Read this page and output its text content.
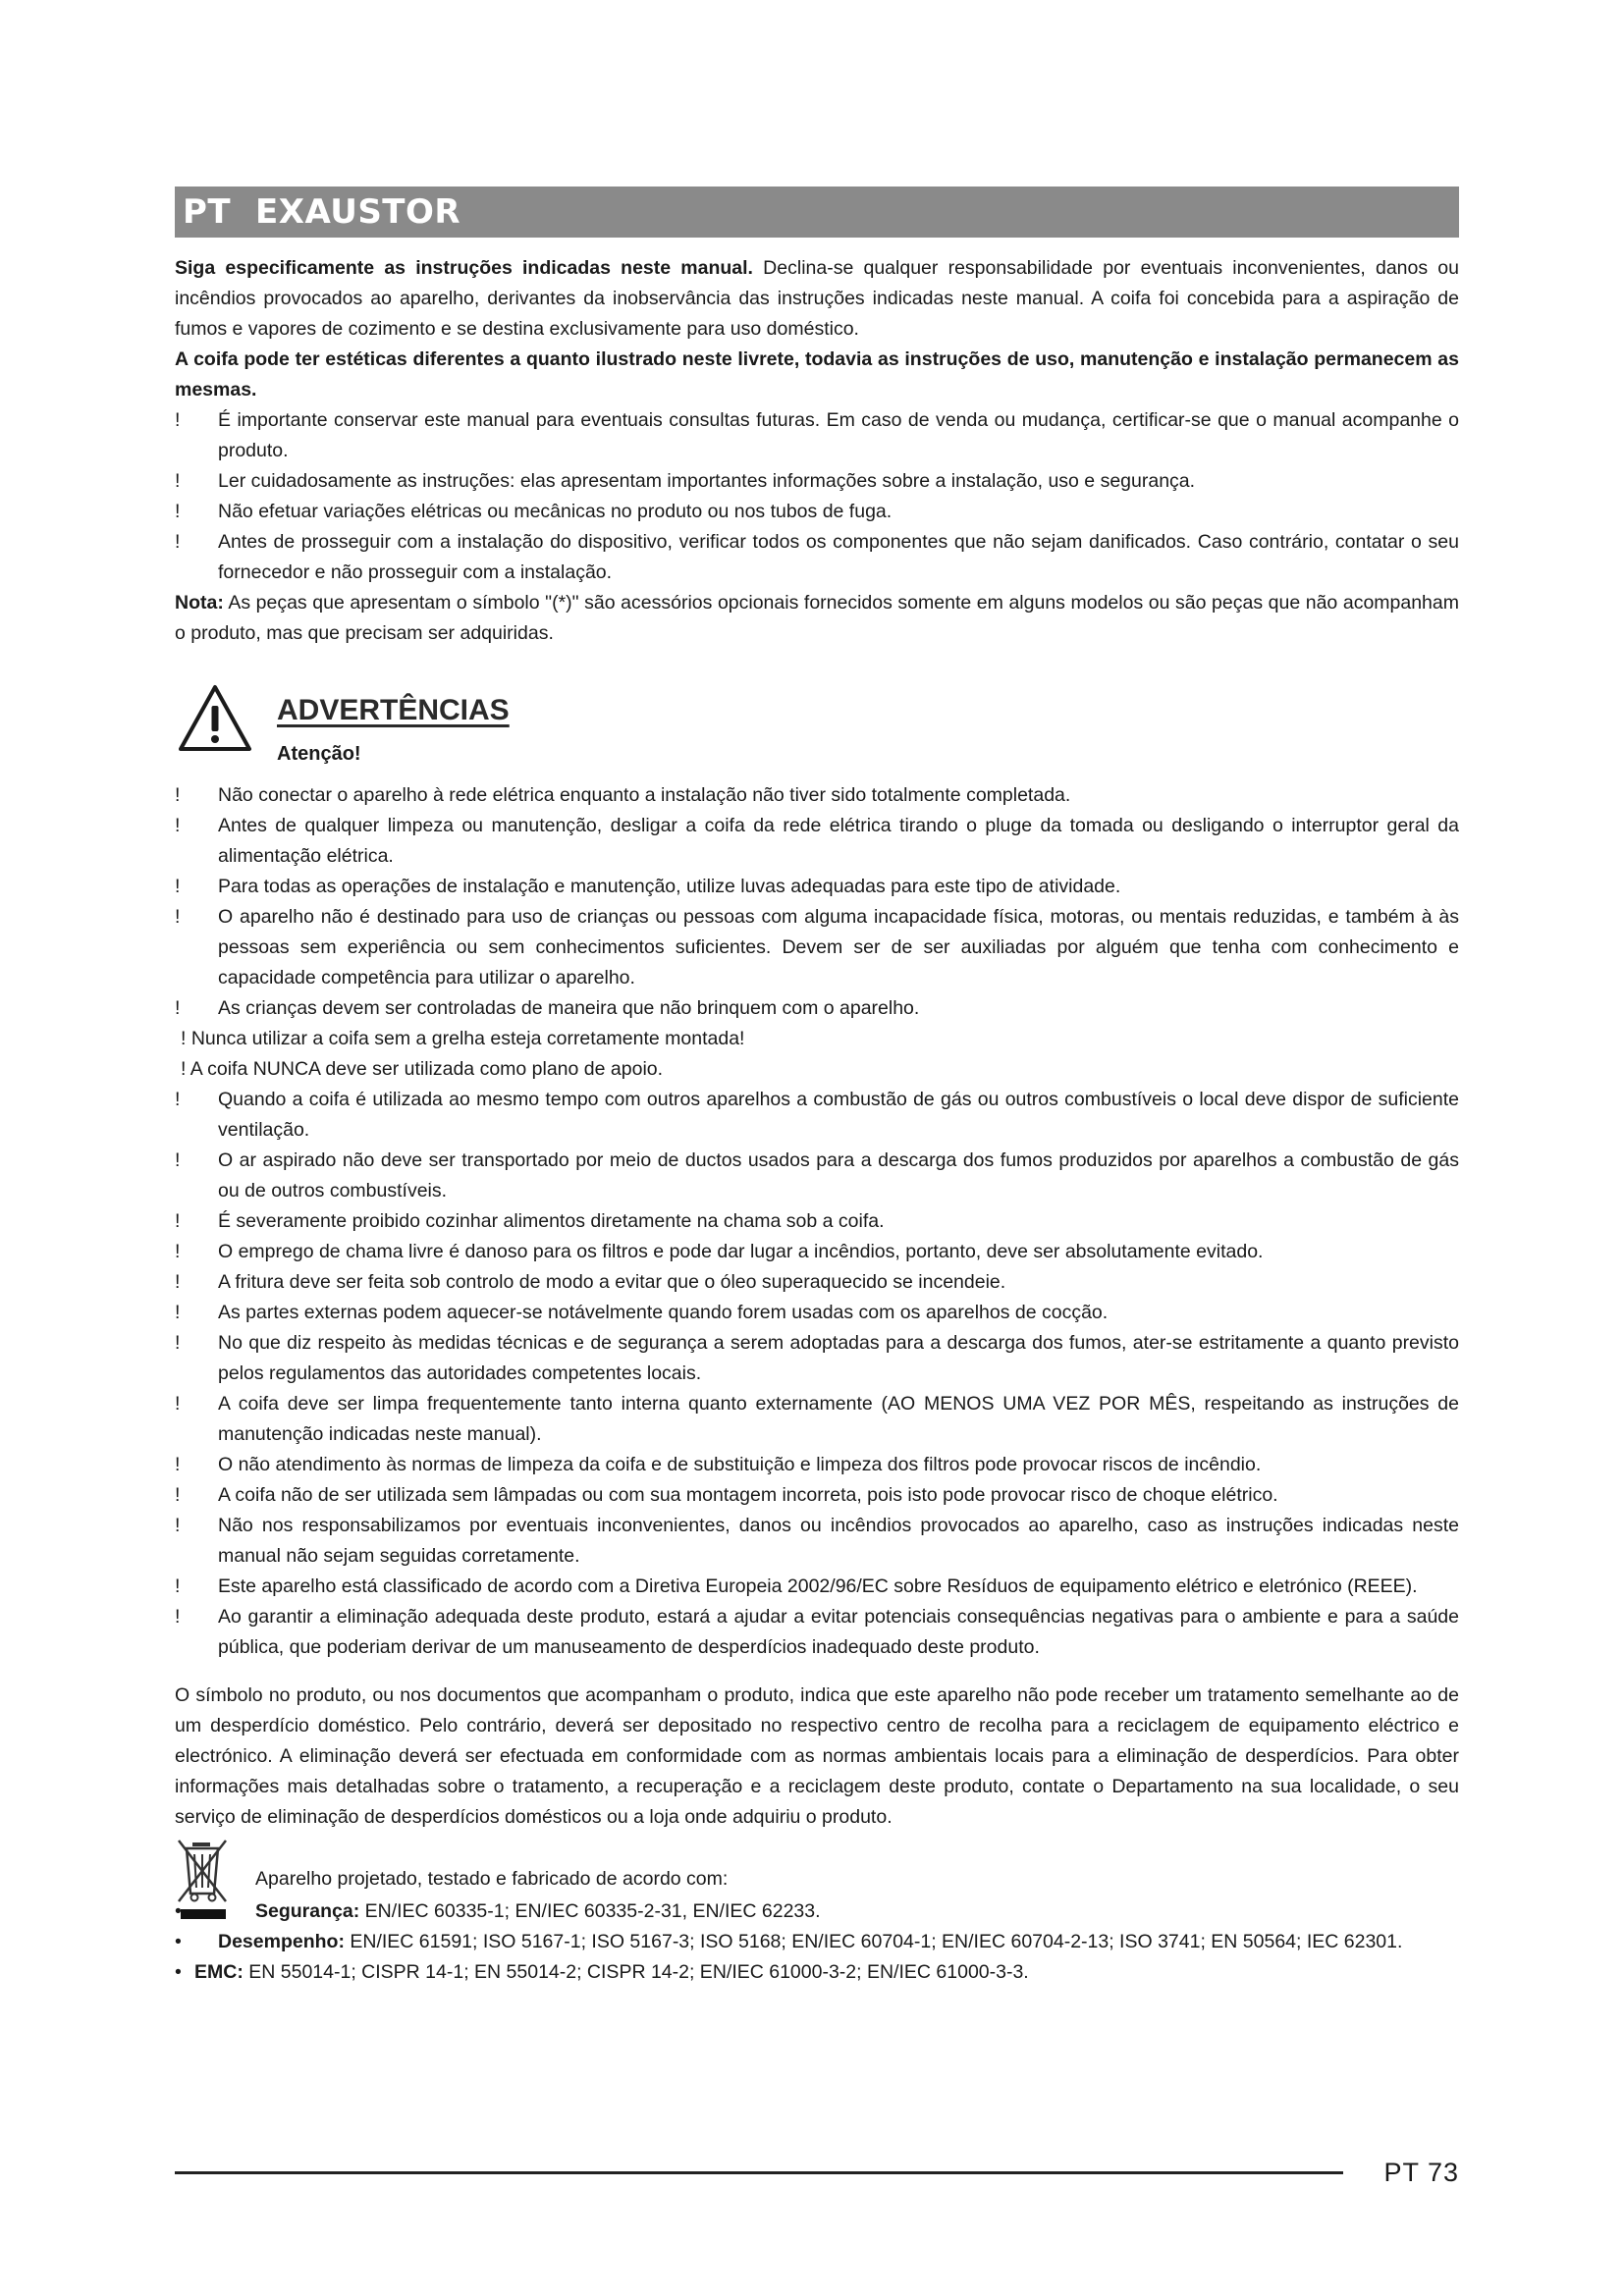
PT EXAUSTOR

Siga especificamente as instruções indicadas neste manual. Declina-se qualquer responsabilidade por eventuais inconvenientes, danos ou incêndios provocados ao aparelho, derivantes da inobservância das instruções indicadas neste manual. A coifa foi concebida para a aspiração de fumos e vapores de cozimento e se destina exclusivamente para uso doméstico.

A coifa pode ter estéticas diferentes a quanto ilustrado neste livrete, todavia as instruções de uso, manutenção e instalação permanecem as mesmas.

! É importante conservar este manual para eventuais consultas futuras. Em caso de venda ou mudança, certificar-se que o manual acompanhe o produto.
! Ler cuidadosamente as instruções: elas apresentam importantes informações sobre a instalação, uso e segurança.
! Não efetuar variações elétricas ou mecânicas no produto ou nos tubos de fuga.
! Antes de prosseguir com a instalação do dispositivo, verificar todos os componentes que não sejam danificados. Caso contrário, contatar o seu fornecedor e não prosseguir com a instalação.

Nota: As peças que apresentam o símbolo "(*)" são acessórios opcionais fornecidos somente em alguns modelos ou são peças que não acompanham o produto, mas que precisam ser adquiridas.

ADVERTÊNCIAS
Atenção!
! Não conectar o aparelho à rede elétrica enquanto a instalação não tiver sido totalmente completada.
! Antes de qualquer limpeza ou manutenção, desligar a coifa da rede elétrica tirando o pluge da tomada ou desligando o interruptor geral da alimentação elétrica.
! Para todas as operações de instalação e manutenção, utilize luvas adequadas para este tipo de atividade.
! O aparelho não é destinado para uso de crianças ou pessoas com alguma incapacidade física, motoras, ou mentais reduzidas, e também à às pessoas sem experiência ou sem conhecimentos suficientes. Devem ser de ser auxiliadas por alguém que tenha com conhecimento e capacidade competência para utilizar o aparelho.
! As crianças devem ser controladas de maneira que não brinquem com o aparelho.
! Nunca utilizar a coifa sem a grelha esteja corretamente montada!
! A coifa NUNCA deve ser utilizada como plano de apoio.
! Quando a coifa é utilizada ao mesmo tempo com outros aparelhos a combustão de gás ou outros combustíveis o local deve dispor de suficiente ventilação.
! O ar aspirado não deve ser transportado por meio de ductos usados para a descarga dos fumos produzidos por aparelhos a combustão de gás ou de outros combustíveis.
! É severamente proibido cozinhar alimentos diretamente na chama sob a coifa.
! O emprego de chama livre é danoso para os filtros e pode dar lugar a incêndios, portanto, deve ser absolutamente evitado.
! A fritura deve ser feita sob controlo de modo a evitar que o óleo superaquecido se incendeie.
! As partes externas podem aquecer-se notávelmente quando forem usadas com os aparelhos de cocção.
! No que diz respeito às medidas técnicas e de segurança a serem adoptadas para a descarga dos fumos, ater-se estritamente a quanto previsto pelos regulamentos das autoridades competentes locais.
! A coifa deve ser limpa frequentemente tanto interna quanto externamente (AO MENOS UMA VEZ POR MÊS, respeitando as instruções de manutenção indicadas neste manual).
! O não atendimento às normas de limpeza da coifa e de substituição e limpeza dos filtros pode provocar riscos de incêndio.
! A coifa não de ser utilizada sem lâmpadas ou com sua montagem incorreta, pois isto pode provocar risco de choque elétrico.
! Não nos responsabilizamos por eventuais inconvenientes, danos ou incêndios provocados ao aparelho, caso as instruções indicadas neste manual não sejam seguidas corretamente.
! Este aparelho está classificado de acordo com a Diretiva Europeia 2002/96/EC sobre Resíduos de equipamento elétrico e eletrónico (REEE).
! Ao garantir a eliminação adequada deste produto, estará a ajudar a evitar potenciais consequências negativas para o ambiente e para a saúde pública, que poderiam derivar de um manuseamento de desperdícios inadequado deste produto.

O símbolo no produto, ou nos documentos que acompanham o produto, indica que este aparelho não pode receber um tratamento semelhante ao de um desperdício doméstico. Pelo contrário, deverá ser depositado no respectivo centro de recolha para a reciclagem de equipamento eléctrico e electrónico. A eliminação deverá ser efectuada em conformidade com as normas ambientais locais para a eliminação de desperdícios. Para obter informações mais detalhadas sobre o tratamento, a recuperação e a reciclagem deste produto, contate o Departamento na sua localidade, o seu serviço de eliminação de desperdícios domésticos ou a loja onde adquiriu o produto.

Aparelho projetado, testado e fabricado de acordo com:

•	Segurança: EN/IEC 60335-1; EN/IEC 60335-2-31, EN/IEC 62233.
• Desempenho: EN/IEC 61591; ISO 5167-1; ISO 5167-3; ISO 5168; EN/IEC 60704-1; EN/IEC 60704-2-13; ISO 3741; EN 50564; IEC 62301.
• EMC: EN 55014-1; CISPR 14-1; EN 55014-2; CISPR 14-2; EN/IEC 61000-3-2; EN/IEC 61000-3-3.
PT 73
